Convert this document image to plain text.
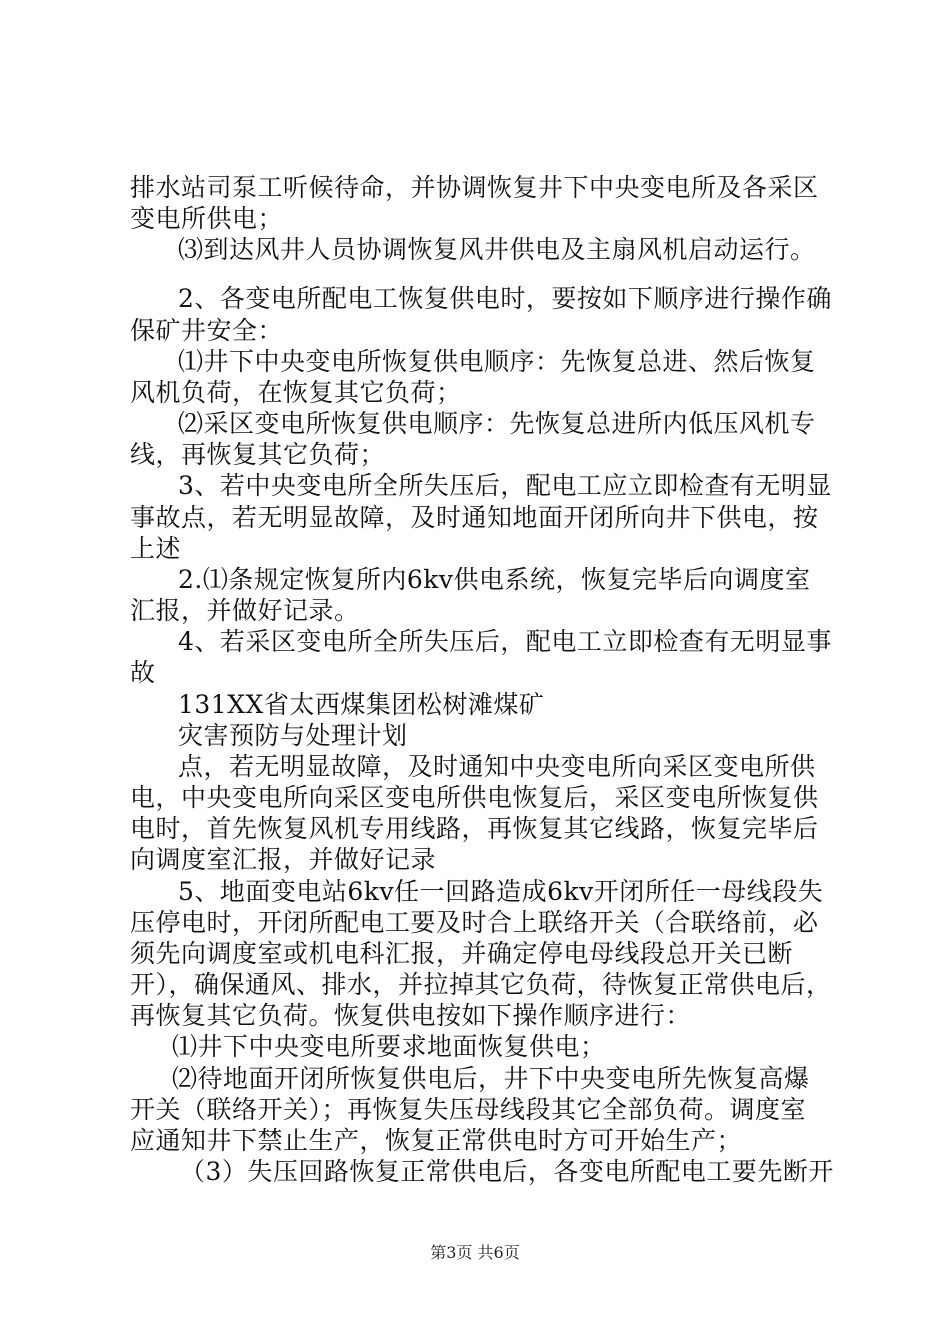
排水站司泵工听候待命，并协调恢复井下中央变电所及各采区
变电所供电；
⑶到达风井人员协调恢复风井供电及主扇风机启动运行。
2、各变电所配电工恢复供电时，要按如下顺序进行操作确
保矿井安全：
⑴井下中央变电所恢复供电顺序：先恢复总进、然后恢复
风机负荷，在恢复其它负荷；
⑵采区变电所恢复供电顺序：先恢复总进所内低压风机专
线，再恢复其它负荷；
3、若中央变电所全所失压后，配电工应立即检查有无明显
事故点，若无明显故障，及时通知地面开闭所向井下供电，按
上述
2.⑴条规定恢复所内6kv供电系统，恢复完毕后向调度室
汇报，并做好记录。
4、若采区变电所全所失压后，配电工立即检查有无明显事
故
131XX省太西煤集团松树滩煤矿
灾害预防与处理计划
点，若无明显故障，及时通知中央变电所向采区变电所供
电，中央变电所向采区变电所供电恢复后，采区变电所恢复供
电时，首先恢复风机专用线路，再恢复其它线路，恢复完毕后
向调度室汇报，并做好记录
5、地面变电站6kv任一回路造成6kv开闭所任一母线段失
压停电时，开闭所配电工要及时合上联络开关（合联络前，必
须先向调度室或机电科汇报，并确定停电母线段总开关已断
开），确保通风、排水，并拉掉其它负荷，待恢复正常供电后，
再恢复其它负荷。恢复供电按如下操作顺序进行：
⑴井下中央变电所要求地面恢复供电；
⑵待地面开闭所恢复供电后，井下中央变电所先恢复高爆
开关（联络开关）；再恢复失压母线段其它全部负荷。调度室
应通知井下禁止生产，恢复正常供电时方可开始生产；
（3）失压回路恢复正常供电后，各变电所配电工要先断开
第3页 共6页
